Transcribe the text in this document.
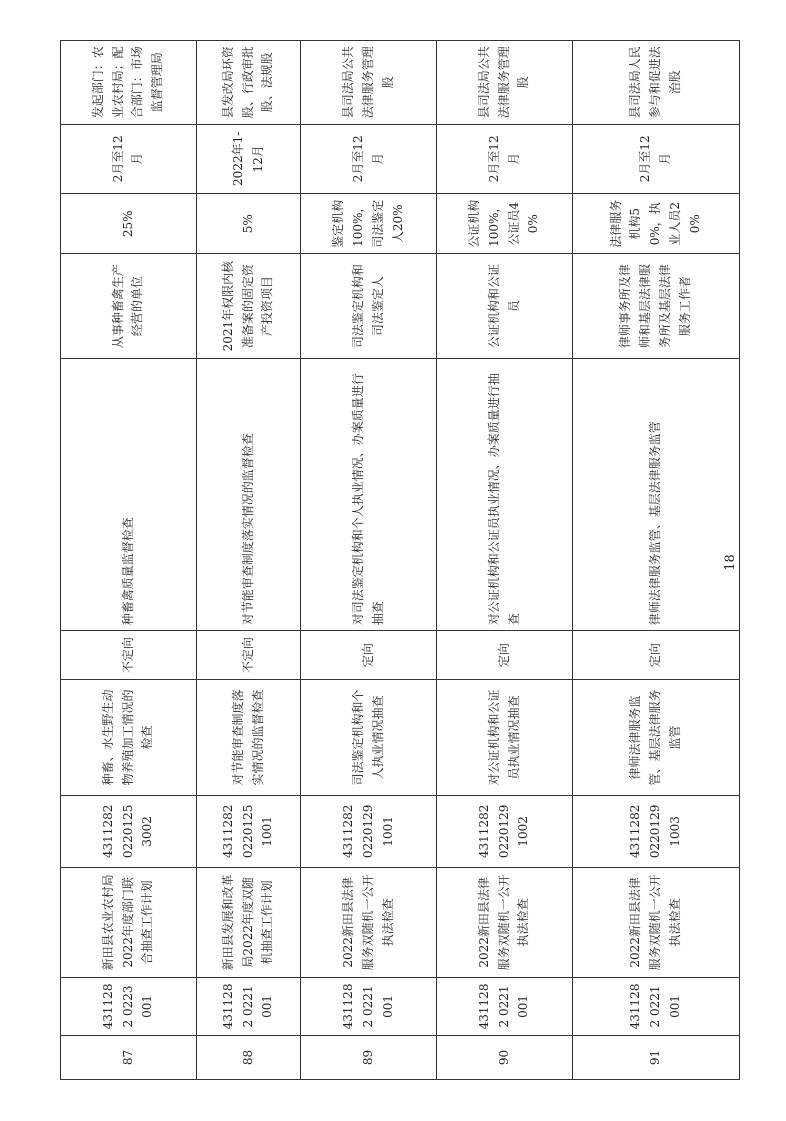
87	4311282 0223001	新田县农业农村局2022年度部门联合抽查工作计划	431128202201253002	种畜、水生野生动物养殖加工情况的检查	不定向	种畜禽质量监督检查	从事种畜禽生产经营的单位	25%	2月至12月	发起部门：农业农村局；配合部门：市场监督管理局
88	4311282 0221001	新田县发展和改革局2022年度双随机抽查工作计划	431128202201251001	对节能审查制度落实情况的监督检查	不定向	对节能审查制度落实情况的监督检查	2021年权限内核准备案的固定资产投资项目	5%	2022年1-12月	县发改局环资股、行政审批股、法规股
89	4311282 0221001	2022新田县法律服务双随机一公开执法检查	431128202201291001	司法鉴定机构和个人执业情况抽查	定向	对司法鉴定机构和个人执业情况、办案质量进行抽查	司法鉴定机构和司法鉴定人	鉴定机构100%，司法鉴定人20%	2月至12月	县司法局公共法律服务管理股
90	4311282 0221001	2022新田县法律服务双随机一公开执法检查	431128202201291002	对公证机构和公证员执业情况抽查	定向	对公证机构和公证员执业情况、办案质量进行抽查	公证机构和公证员	公证机构100%，公证员40%	2月至12月	县司法局公共法律服务管理股
91	4311282 0221001	2022新田县法律服务双随机一公开执法检查	431128202201291003	律师法律服务监管、基层法律服务监管	定向	律师法律服务监管、基层法律服务监管	律师事务所及律师和基层法律服务所及基层法律服务工作者	法律服务机构50%，执业人员20%	2月至12月	县司法局人民参与和促进法治股
18
